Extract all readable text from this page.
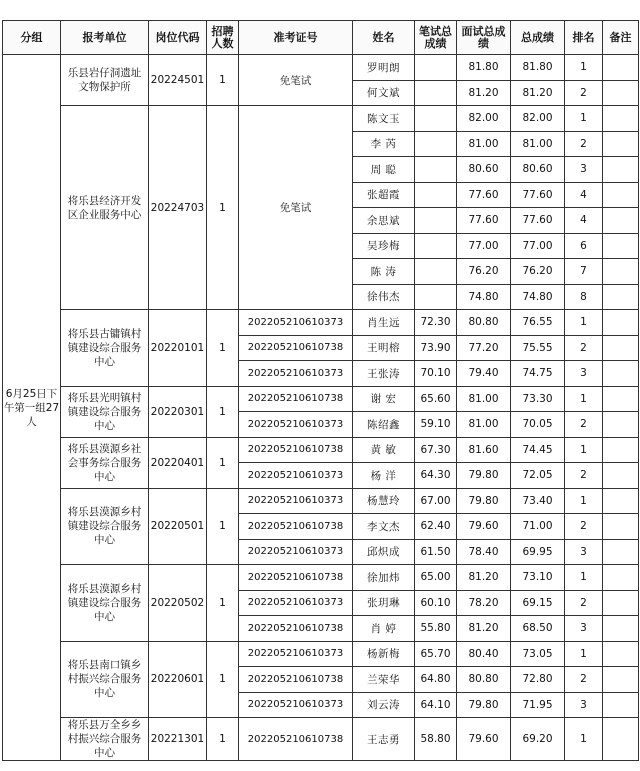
分组	报考单位	岗位代码	招聘人数	准考证号	姓名	笔试总成绩	面试总成绩	总成绩	排名	备注
6月25日下午第一组27人	乐县岩仔洞遗址文物保护所	20224501	1	免笔试	罗明朗		81.80	81.80	1	
					何文斌		81.20	81.20	2	
	将乐县经济开发区企业服务中心	20224703	1	免笔试	陈文玉		82.00	82.00	1	
					李 芮		81.00	81.00	2	
					周 聪		80.60	80.60	3	
					张超霞		77.60	77.60	4	
					余思斌		77.60	77.60	4	
					吴珍梅		77.00	77.00	6	
					陈 涛		76.20	76.20	7	
					徐伟杰		74.80	74.80	8	
	将乐县古镛镇村镇建设综合服务中心	20220101	1	202205210610373	肖生远	72.30	80.80	76.55	1	
				202205210610738	王明榕	73.90	77.20	75.55	2	
				202205210610373	王张涛	70.10	79.40	74.75	3	
	将乐县光明镇村镇建设综合服务中心	20220301	1	202205210610738	谢 宏	65.60	81.00	73.30	1	
				202205210610373	陈绍鑫	59.10	81.00	70.05	2	
	将乐县漠源乡社会事务综合服务中心	20220401	1	202205210610738	黄 敏	67.30	81.60	74.45	1	
				202205210610373	杨 洋	64.30	79.80	72.05	2	
	将乐县漠源乡村镇建设综合服务中心	20220501	1	202205210610373	杨慧玲	67.00	79.80	73.40	1	
				202205210610738	李文杰	62.40	79.60	71.00	2	
				202205210610373	邱炽成	61.50	78.40	69.95	3	
	将乐县漠源乡村镇建设综合服务中心	20220502	1	202205210610738	徐加炜	65.00	81.20	73.10	1	
				202205210610373	张玥琳	60.10	78.20	69.15	2	
				202205210610738	肖 婷	55.80	81.20	68.50	3	
	将乐县南口镇乡村振兴综合服务中心	20220601	1	202205210610373	杨新梅	65.70	80.40	73.05	1	
				202205210610738	兰荣华	64.80	80.80	72.80	2	
				202205210610373	刘云涛	64.10	79.80	71.95	3	
	将乐县万全乡乡村振兴综合服务中心	20221301	1	202205210610738	王志勇	58.80	79.60	69.20	1	
